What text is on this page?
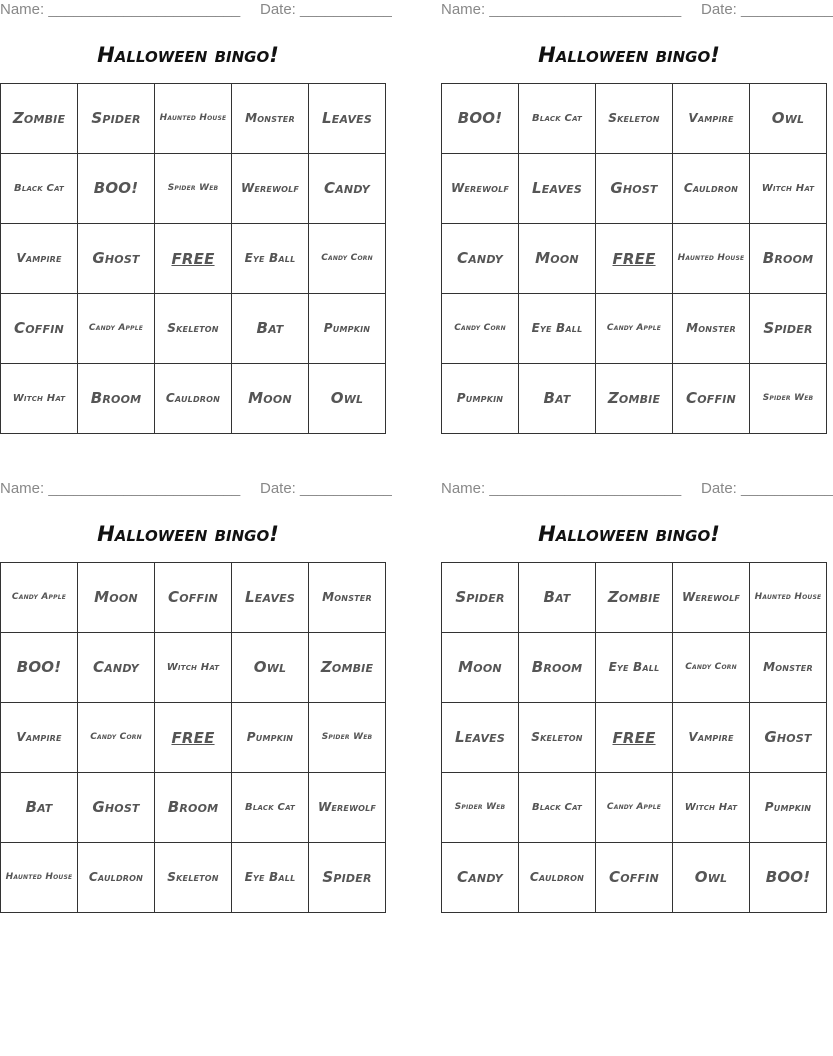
Name: _______________________ Date: ___________
Halloween bingo!
Zombie	Spider	Haunted House	Monster	Leaves
Black Cat	BOO!	Spider Web	Werewolf	Candy
Vampire	Ghost	FREE	Eye Ball	Candy Corn
Coffin	Candy Apple	Skeleton	Bat	Pumpkin
Witch Hat	Broom	Cauldron	Moon	Owl
Name: _______________________ Date: ___________
Halloween bingo!
BOO!	Black Cat	Skeleton	Vampire	Owl
Werewolf	Leaves	Ghost	Cauldron	Witch Hat
Candy	Moon	FREE	Haunted House	Broom
Candy Corn	Eye Ball	Candy Apple	Monster	Spider
Pumpkin	Bat	Zombie	Coffin	Spider Web
Name: _______________________ Date: ___________
Halloween bingo!
Candy Apple	Moon	Coffin	Leaves	Monster
BOO!	Candy	Witch Hat	Owl	Zombie
Vampire	Candy Corn	FREE	Pumpkin	Spider Web
Bat	Ghost	Broom	Black Cat	Werewolf
Haunted House	Cauldron	Skeleton	Eye Ball	Spider
Name: _______________________ Date: ___________
Halloween bingo!
Spider	Bat	Zombie	Werewolf	Haunted House
Moon	Broom	Eye Ball	Candy Corn	Monster
Leaves	Skeleton	FREE	Vampire	Ghost
Spider Web	Black Cat	Candy Apple	Witch Hat	Pumpkin
Candy	Cauldron	Coffin	Owl	BOO!
